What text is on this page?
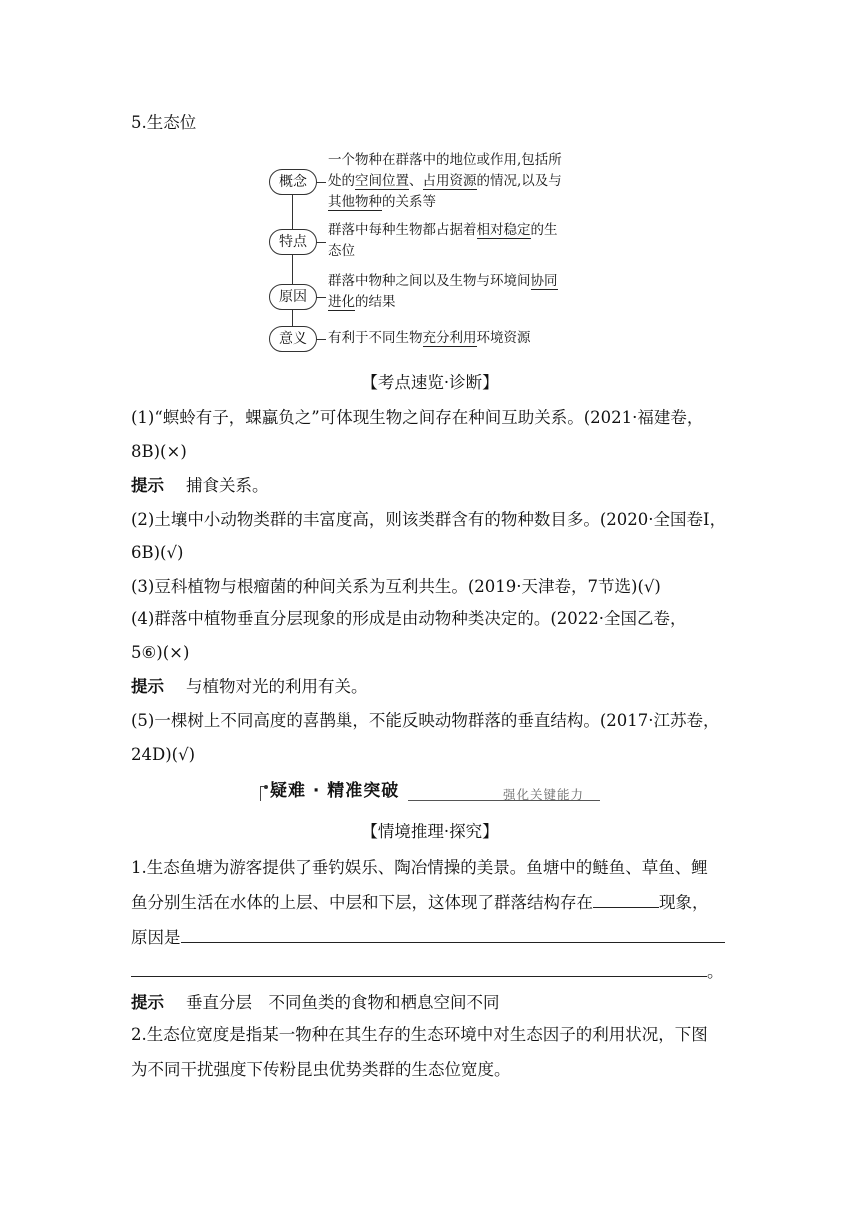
5.生态位
概念
一个物种在群落中的地位或作用,包括所
处的空间位置、占用资源的情况,以及与
其他物种的关系等
特点
群落中每种生物都占据着相对稳定的生
态位
原因
群落中物种之间以及生物与环境间协同
进化的结果
意义	有利于不同生物充分利用环境资源
【考点速览·诊断】
(1)“螟蛉有子，蜾蠃负之”可体现生物之间存在种间互助关系。(2021·福建卷，
8B)(×)
提示 捕食关系。
(2)土壤中小动物类群的丰富度高，则该类群含有的物种数目多。(2020·全国卷Ⅰ，
6B)(√)
(3)豆科植物与根瘤菌的种间关系为互利共生。(2019·天津卷，7节选)(√)
(4)群落中植物垂直分层现象的形成是由动物种类决定的。(2022·全国乙卷，
5⑥)(×)
提示 与植物对光的利用有关。
(5)一棵树上不同高度的喜鹊巢，不能反映动物群落的垂直结构。(2017·江苏卷，
24D)(√)
疑难 · 精准突破	强化关键能力
【情境推理·探究】
1.生态鱼塘为游客提供了垂钓娱乐、陶冶情操的美景。鱼塘中的鲢鱼、草鱼、鲤
鱼分别生活在水体的上层、中层和下层，这体现了群落结构存在	现象，
原因是
。
提示 垂直分层　不同鱼类的食物和栖息空间不同
2.生态位宽度是指某一物种在其生存的生态环境中对生态因子的利用状况，下图
为不同干扰强度下传粉昆虫优势类群的生态位宽度。
